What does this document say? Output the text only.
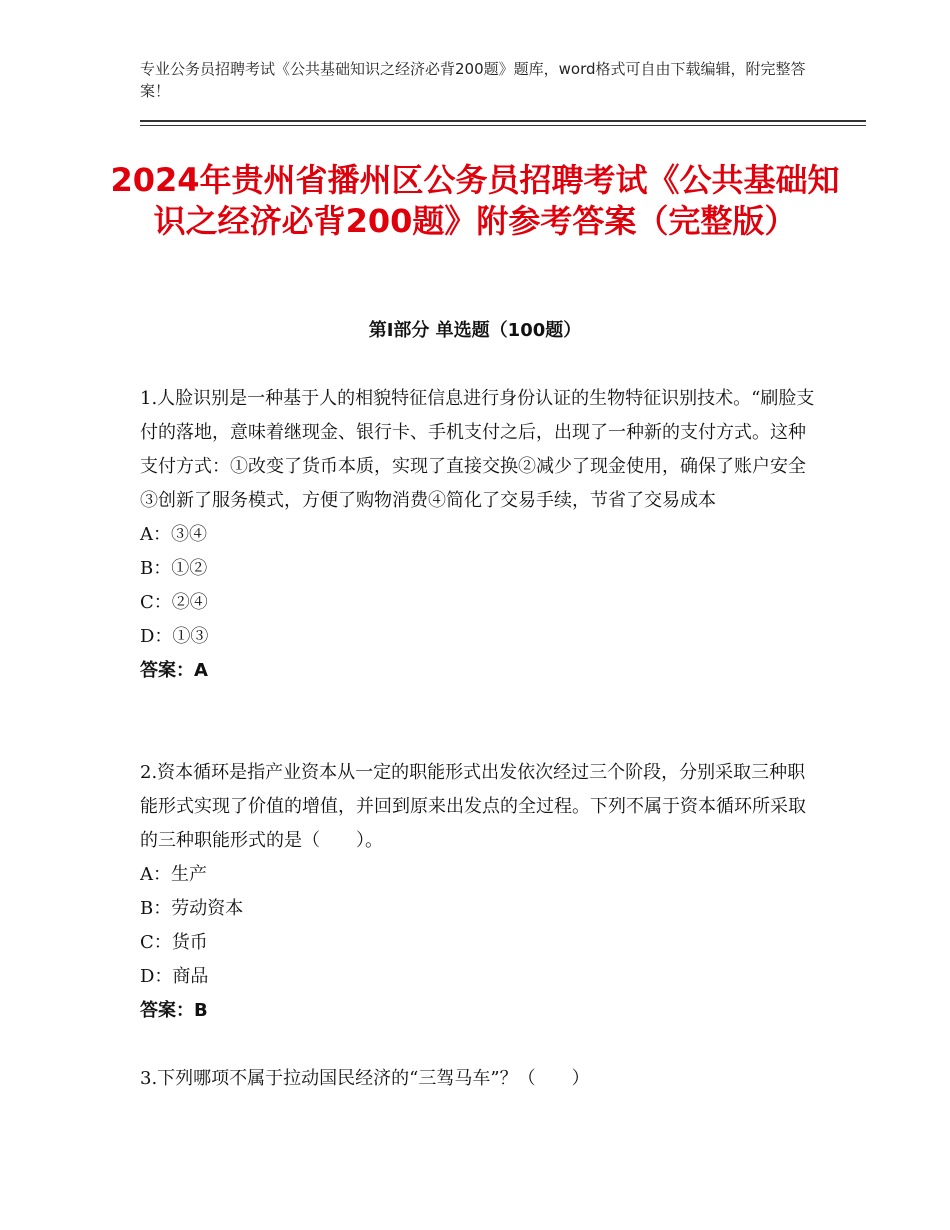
专业公务员招聘考试《公共基础知识之经济必背200题》题库，word格式可自由下载编辑，附完整答案！
2024年贵州省播州区公务员招聘考试《公共基础知识之经济必背200题》附参考答案（完整版）
第Ⅰ部分 单选题（100题）

1.人脸识别是一种基于人的相貌特征信息进行身份认证的生物特征识别技术。“刷脸支付的落地，意味着继现金、银行卡、手机支付之后，出现了一种新的支付方式。这种支付方式：①改变了货币本质，实现了直接交换②减少了现金使用，确保了账户安全③创新了服务模式，方便了购物消费④简化了交易手续，节省了交易成本

A：③④

B：①②

C：②④

D：①③

答案：A

2.资本循环是指产业资本从一定的职能形式出发依次经过三个阶段，分别采取三种职能形式实现了价值的增值，并回到原来出发点的全过程。下列不属于资本循环所采取的三种职能形式的是（　　）。

A：生产

B：劳动资本

C：货币

D：商品

答案：B

3.下列哪项不属于拉动国民经济的“三驾马车”？（　　）
